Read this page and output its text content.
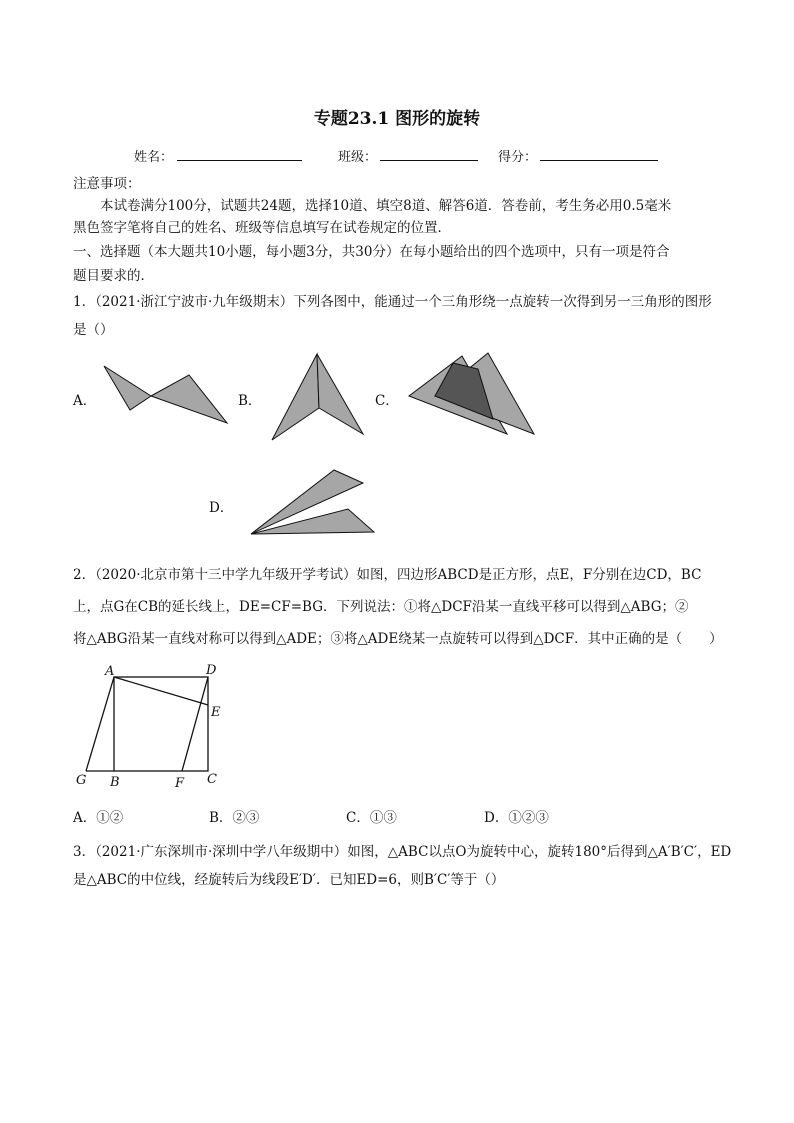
专题23.1 图形的旋转
姓名：	班级：	得分：
注意事项：
本试卷满分100分，试题共24题，选择10道、填空8道、解答6道．答卷前，考生务必用0.5毫米
黑色签字笔将自己的姓名、班级等信息填写在试卷规定的位置．
一、选择题（本大题共10小题，每小题3分，共30分）在每小题给出的四个选项中，只有一项是符合
题目要求的．
1．（2021·浙江宁波市·九年级期末）下列各图中，能通过一个三角形绕一点旋转一次得到另一三角形的图形
是（）
A．	B．	C．
D．
2．（2020·北京市第十三中学九年级开学考试）如图，四边形ABCD是正方形，点E，F分别在边CD，BC
上，点G在CB的延长线上，DE=CF=BG．下列说法：①将△DCF沿某一直线平移可以得到△ABG；②
将△ABG沿某一直线对称可以得到△ADE；③将△ADE绕某一点旋转可以得到△DCF．其中正确的是（　　）
A	D
E
G B	F C
A．①②	B．②③	C．①③	D．①②③
3．（2021·广东深圳市·深圳中学八年级期中）如图，△ABC以点O为旋转中心，旋转180°后得到△A′B′C′，ED
是△ABC的中位线，经旋转后为线段E′D′．已知ED=6，则B′C′等于（）
